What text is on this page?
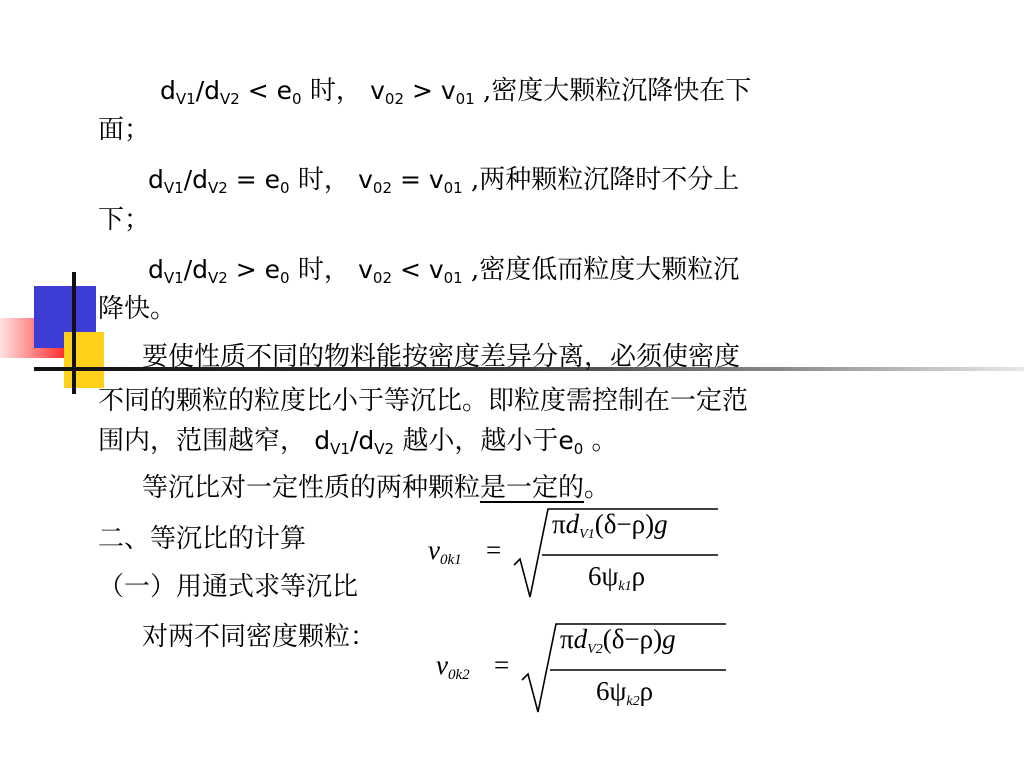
$d_{V1}/d_{V2} < e_0$ 时， $v_{02} > v_{01}$ ,密度大颗粒沉降快在下
面；
$d_{V1}/d_{V2} = e_0$ 时， $v_{02} = v_{01}$ ,两种颗粒沉降时不分上
下；
$d_{V1}/d_{V2} > e_0$ 时， $v_{02} < v_{01}$ ,密度低而粒度大颗粒沉
降快。
要使性质不同的物料能按密度差异分离，必须使密度
不同的颗粒的粒度比小于等沉比。即粒度需控制在一定范
围内，范围越窄， $d_{V1}/d_{V2}$ 越小，越小于$e_0$ 。
等沉比对一定性质的两种颗粒是一定的。
二、等沉比的计算
（一）用通式求等沉比
对两不同密度颗粒：
$v_{0k1}$ =
$\pi d_{V1}(\delta-\rho)g$
$6\psi_{k1}\rho$
$v_{0k2}$ =
$\pi d_{V2}(\delta-\rho)g$
$6\psi_{k2}\rho$
